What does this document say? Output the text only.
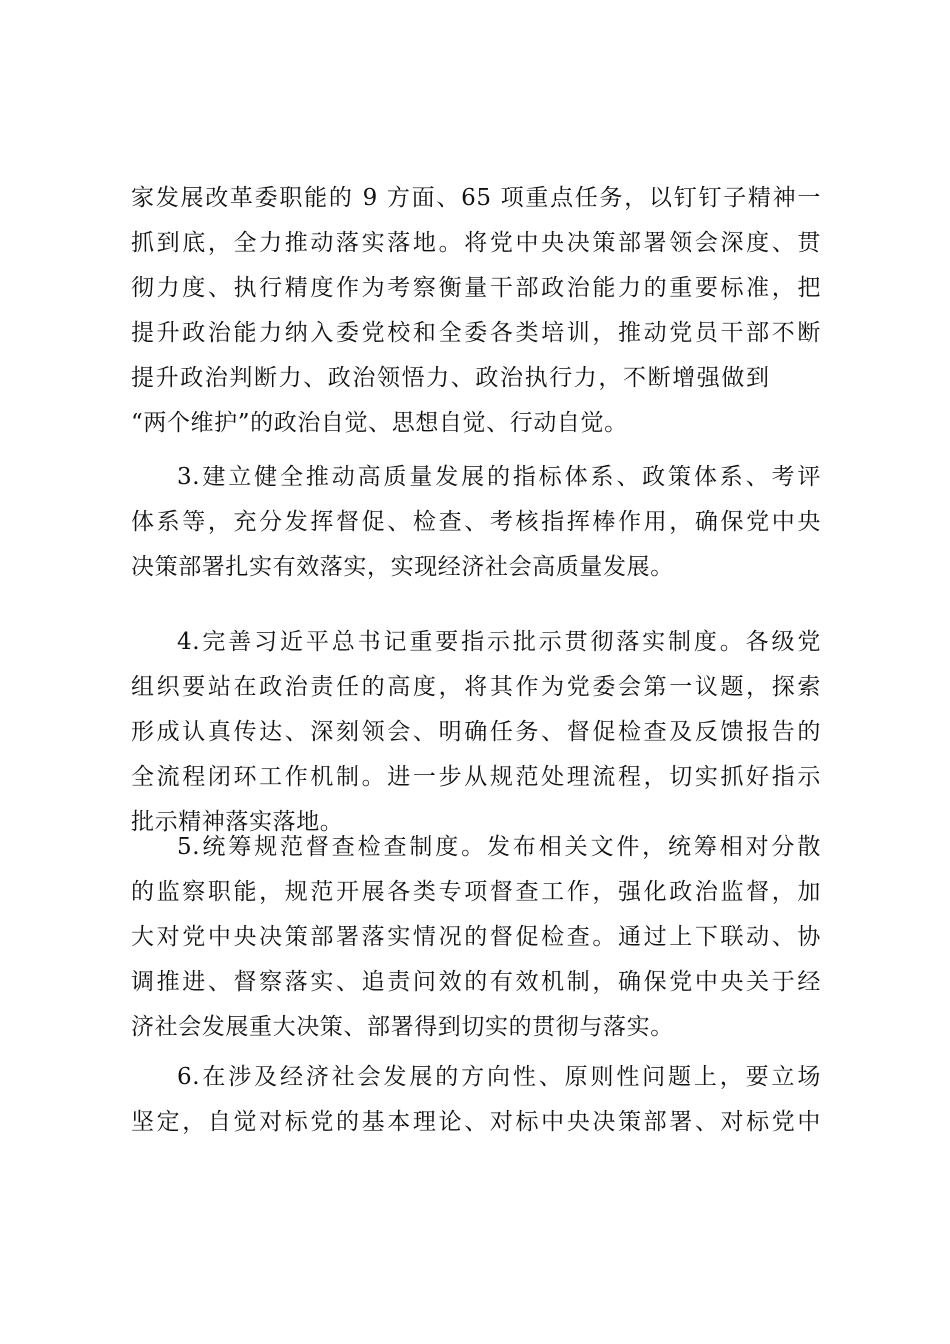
家发展改革委职能的 9 方面、65 项重点任务，以钉钉子精神一
抓到底，全力推动落实落地。将党中央决策部署领会深度、贯
彻力度、执行精度作为考察衡量干部政治能力的重要标准，把
提升政治能力纳入委党校和全委各类培训，推动党员干部不断
提升政治判断力、政治领悟力、政治执行力，不断增强做到
“两个维护”的政治自觉、思想自觉、行动自觉。
3.建立健全推动高质量发展的指标体系、政策体系、考评
体系等，充分发挥督促、检查、考核指挥棒作用，确保党中央
决策部署扎实有效落实，实现经济社会高质量发展。
4.完善习近平总书记重要指示批示贯彻落实制度。各级党
组织要站在政治责任的高度，将其作为党委会第一议题，探索
形成认真传达、深刻领会、明确任务、督促检查及反馈报告的
全流程闭环工作机制。进一步从规范处理流程，切实抓好指示
批示精神落实落地。
5.统筹规范督查检查制度。发布相关文件，统筹相对分散
的监察职能，规范开展各类专项督查工作，强化政治监督，加
大对党中央决策部署落实情况的督促检查。通过上下联动、协
调推进、督察落实、追责问效的有效机制，确保党中央关于经
济社会发展重大决策、部署得到切实的贯彻与落实。
6.在涉及经济社会发展的方向性、原则性问题上，要立场
坚定，自觉对标党的基本理论、对标中央决策部署、对标党中
